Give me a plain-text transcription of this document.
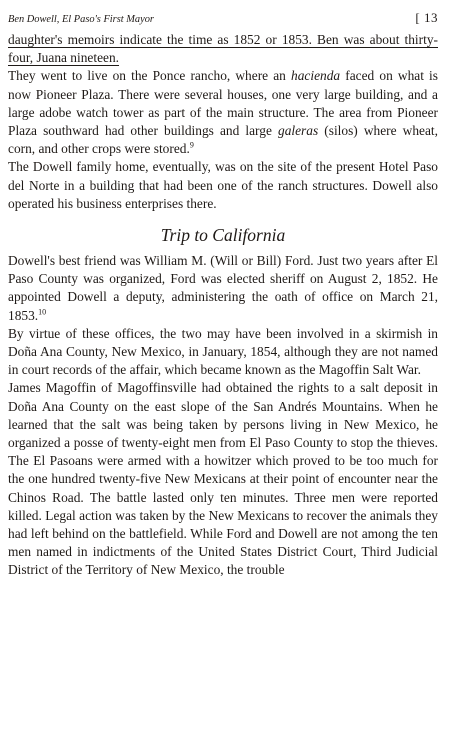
Ben Dowell, El Paso's First Mayor	[ 13

daughter's memoirs indicate the time as 1852 or 1853. Ben was about thirty-four, Juana nineteen.

They went to live on the Ponce rancho, where an hacienda faced on what is now Pioneer Plaza. There were several houses, one very large building, and a large adobe watch tower as part of the main structure. The area from Pioneer Plaza southward had other buildings and large galeras (silos) where wheat, corn, and other crops were stored.$^9$

The Dowell family home, eventually, was on the site of the present Hotel Paso del Norte in a building that had been one of the ranch structures. Dowell also operated his business enterprises there.

Trip to California

Dowell's best friend was William M. (Will or Bill) Ford. Just two years after El Paso County was organized, Ford was elected sheriff on August 2, 1852. He appointed Dowell a deputy, administering the oath of office on March 21, 1853.10

By virtue of these offices, the two may have been involved in a skirmish in Doña Ana County, New Mexico, in January, 1854, although they are not named in court records of the affair, which became known as the Magoffin Salt War.

James Magoffin of Magoffinsville had obtained the rights to a salt deposit in Doña Ana County on the east slope of the San Andrés Mountains. When he learned that the salt was being taken by persons living in New Mexico, he organized a posse of twenty-eight men from El Paso County to stop the thieves. The El Pasoans were armed with a howitzer which proved to be too much for the one hundred twenty-five New Mexicans at their point of encounter near the Chinos Road. The battle lasted only ten minutes. Three men were reported killed. Legal action was taken by the New Mexicans to recover the animals they had left behind on the battlefield. While Ford and Dowell are not among the ten men named in indictments of the United States District Court, Third Judicial District of the Territory of New Mexico, the trouble
